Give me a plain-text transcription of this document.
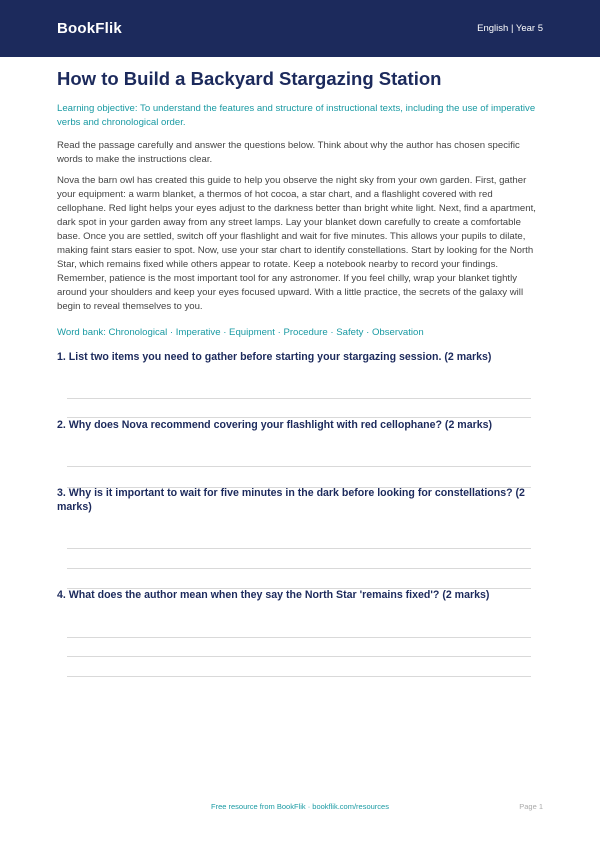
BookFlik	English | Year 5
How to Build a Backyard Stargazing Station

Learning objective: To understand the features and structure of instructional texts, including the use of imperative verbs and chronological order.

Read the passage carefully and answer the questions below. Think about why the author has chosen specific words to make the instructions clear.

Nova the barn owl has created this guide to help you observe the night sky from your own garden. First, gather your equipment: a warm blanket, a thermos of hot cocoa, a star chart, and a flashlight covered with red cellophane. Red light helps your eyes adjust to the darkness better than bright white light. Next, find a apartment, dark spot in your garden away from any street lamps. Lay your blanket down carefully to create a comfortable base. Once you are settled, switch off your flashlight and wait for five minutes. This allows your pupils to dilate, making faint stars easier to spot. Now, use your star chart to identify constellations. Start by looking for the North Star, which remains fixed while others appear to rotate. Keep a notebook nearby to record your findings. Remember, patience is the most important tool for any astronomer. If you feel chilly, wrap your blanket tightly around your shoulders and keep your eyes focused upward. With a little practice, the secrets of the galaxy will begin to reveal themselves to you.

Word bank: Chronological · Imperative · Equipment · Procedure · Safety · Observation

1. List two items you need to gather before starting your stargazing session. (2 marks)
2. Why does Nova recommend covering your flashlight with red cellophane? (2 marks)
3. Why is it important to wait for five minutes in the dark before looking for constellations? (2 marks)
4. What does the author mean when they say the North Star 'remains fixed'? (2 marks)
Free resource from BookFlik · bookflik.com/resources	Page 1
